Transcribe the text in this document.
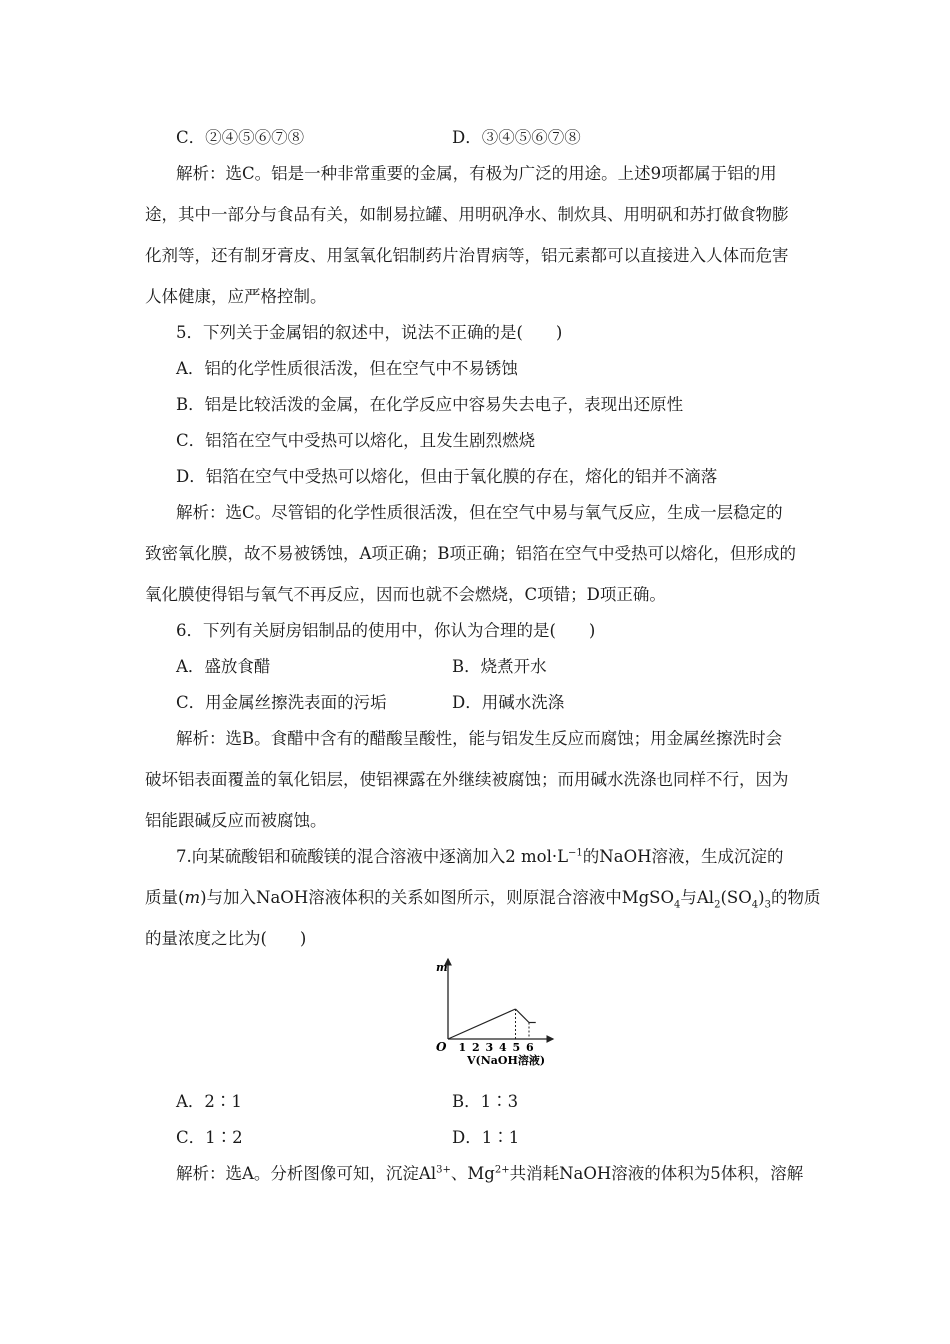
C．②④⑤⑥⑦⑧	D．③④⑤⑥⑦⑧
解析：选C。铝是一种非常重要的金属，有极为广泛的用途。上述9项都属于铝的用
途，其中一部分与食品有关，如制易拉罐、用明矾净水、制炊具、用明矾和苏打做食物膨
化剂等，还有制牙膏皮、用氢氧化铝制药片治胃病等，铝元素都可以直接进入人体而危害
人体健康，应严格控制。
5．下列关于金属铝的叙述中，说法不正确的是(　　)
A．铝的化学性质很活泼，但在空气中不易锈蚀
B．铝是比较活泼的金属，在化学反应中容易失去电子，表现出还原性
C．铝箔在空气中受热可以熔化，且发生剧烈燃烧
D．铝箔在空气中受热可以熔化，但由于氧化膜的存在，熔化的铝并不滴落
解析：选C。尽管铝的化学性质很活泼，但在空气中易与氧气反应，生成一层稳定的
致密氧化膜，故不易被锈蚀，A项正确；B项正确；铝箔在空气中受热可以熔化，但形成的
氧化膜使得铝与氧气不再反应，因而也就不会燃烧，C项错；D项正确。
6．下列有关厨房铝制品的使用中，你认为合理的是(　　)
A．盛放食醋	B．烧煮开水
C．用金属丝擦洗表面的污垢	D．用碱水洗涤
解析：选B。食醋中含有的醋酸呈酸性，能与铝发生反应而腐蚀；用金属丝擦洗时会
破坏铝表面覆盖的氧化铝层，使铝裸露在外继续被腐蚀；而用碱水洗涤也同样不行，因为
铝能跟碱反应而被腐蚀。
7.向某硫酸铝和硫酸镁的混合溶液中逐滴加入2 $mol\cdot L^{-1}$的NaOH溶液，生成沉淀的
质量(m)与加入NaOH溶液体积的关系如图所示，则原混合溶液中MgSO$_4$与$Al_2(SO_4)_3$的物质
的量浓度之比为(　　)
m
O
V(NaOH溶液)
1 2 3 4 5 6
A．2∶1	B．1∶3
C．1∶2	D．1∶1
解析：选A。分析图像可知，沉淀$Al^{3+}$、$Mg^{2+}$共消耗NaOH溶液的体积为5体积，溶解
